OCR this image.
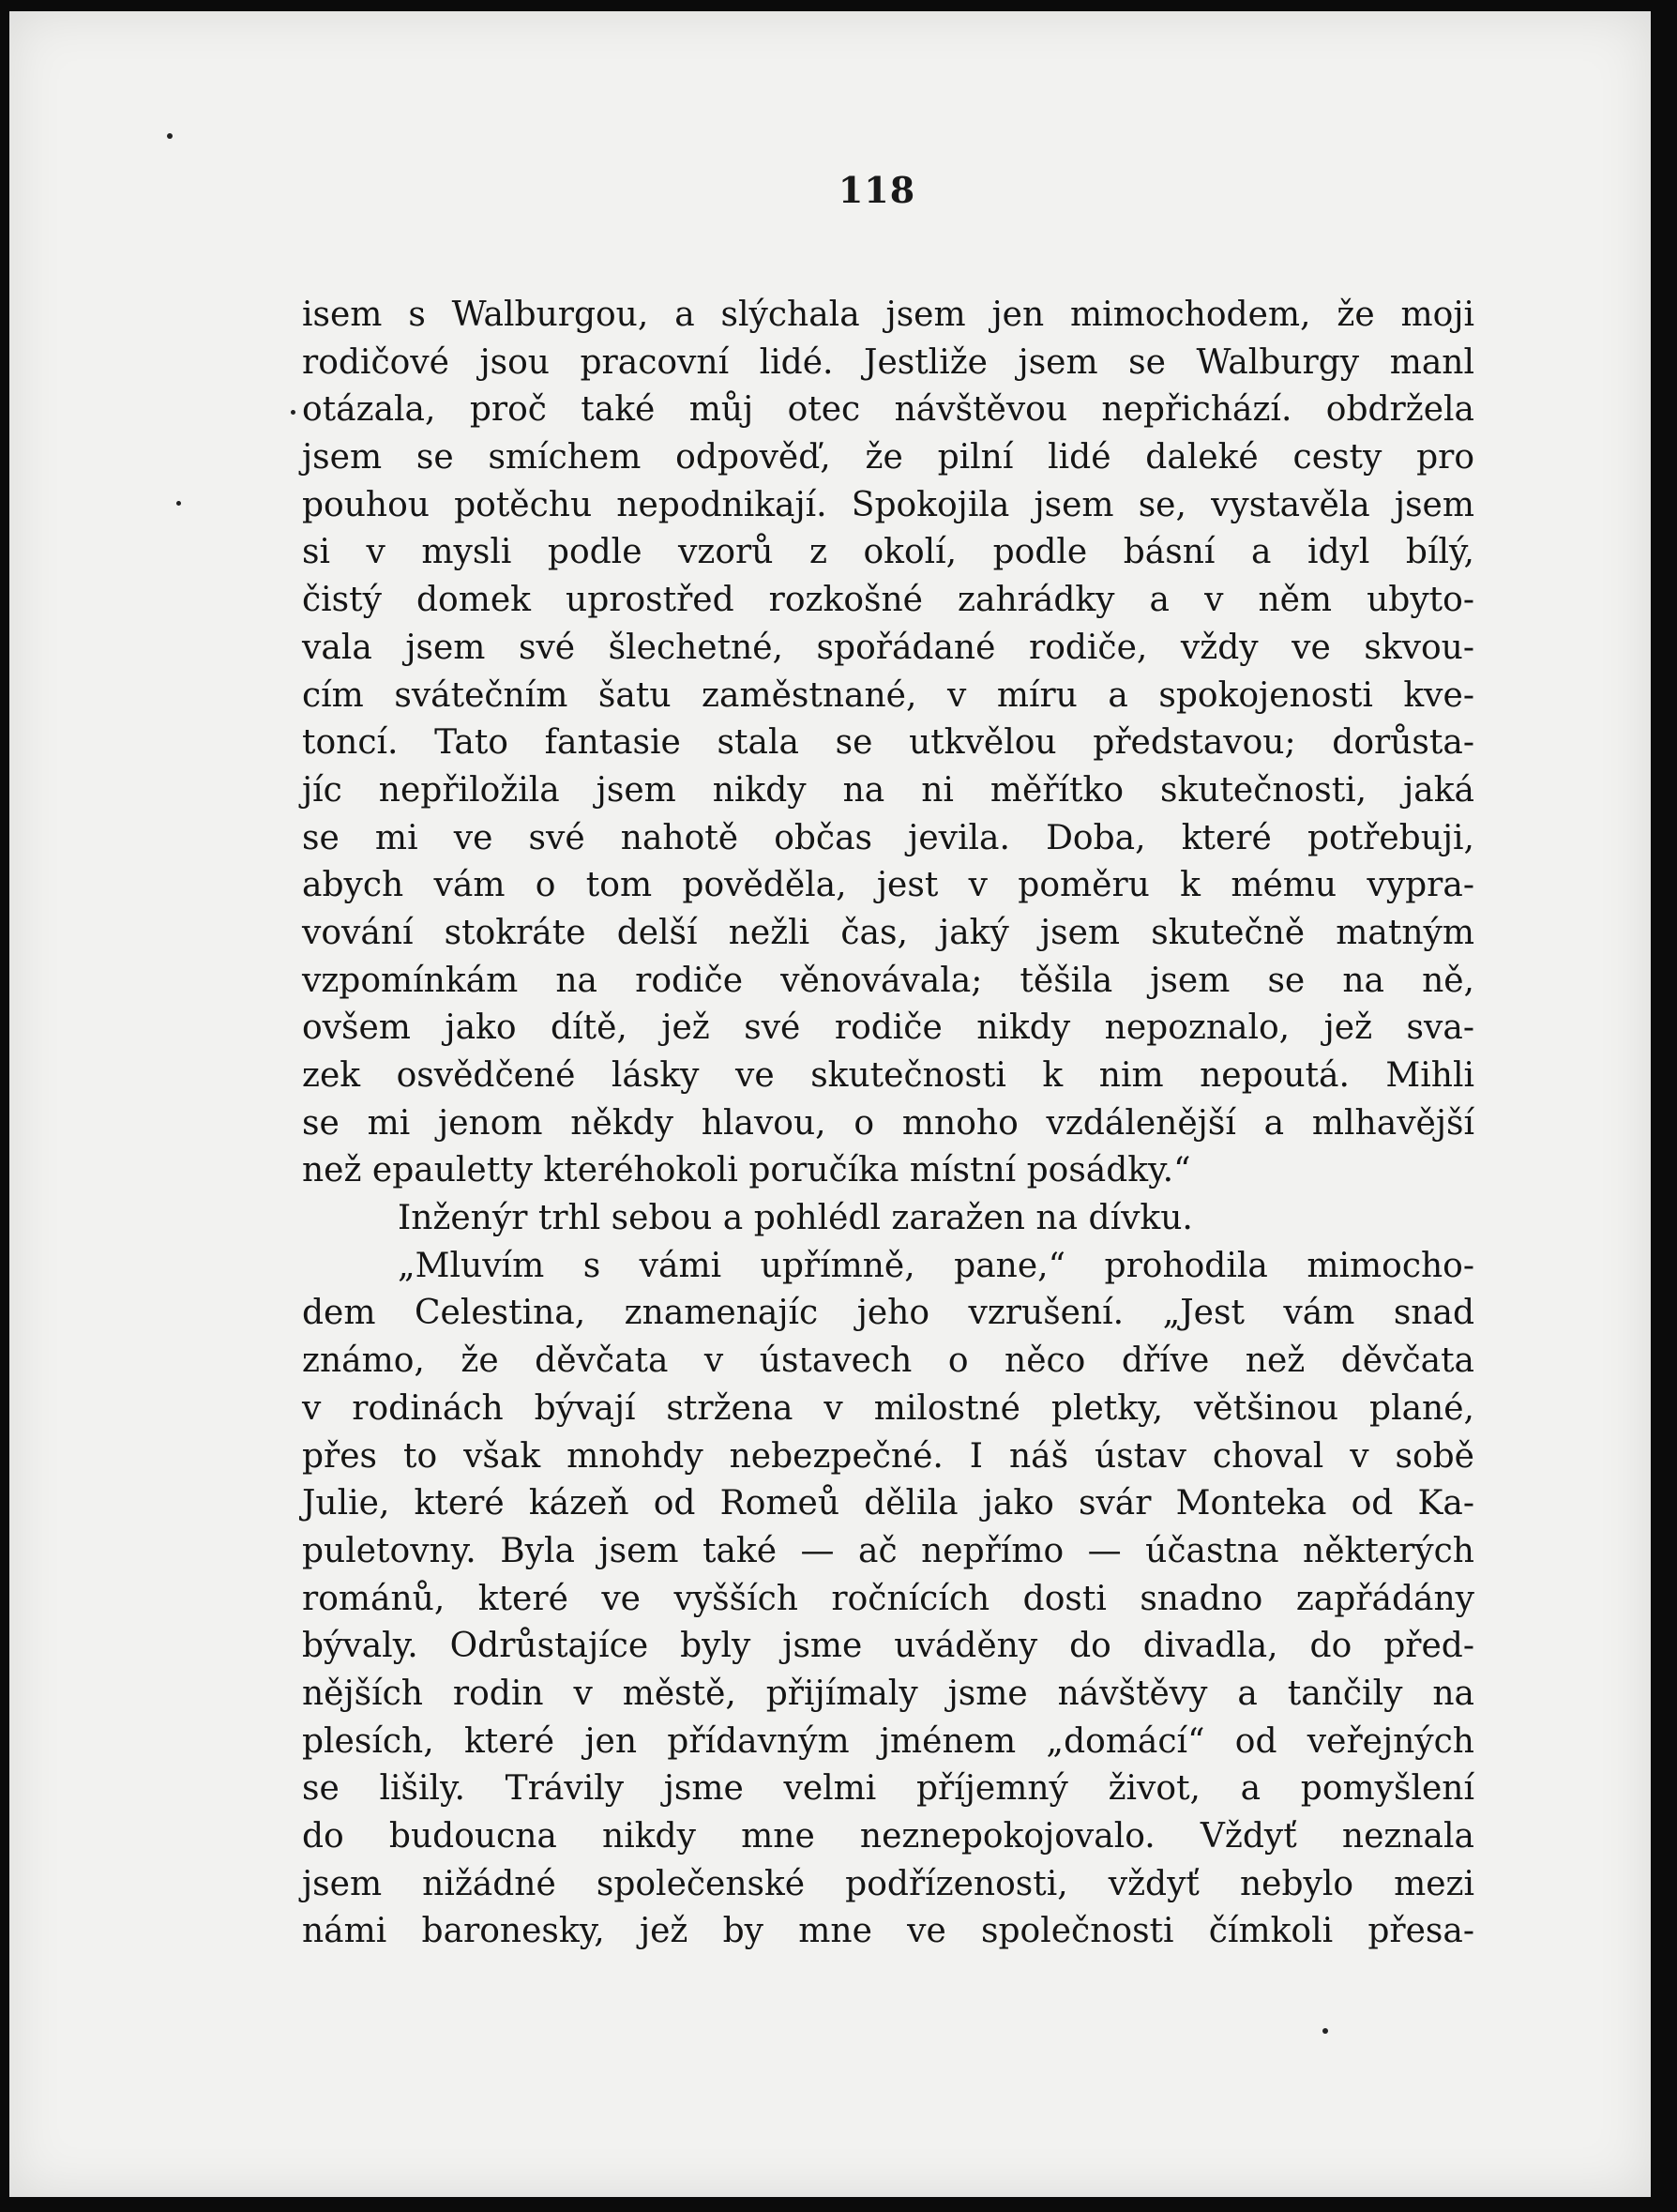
118
isem s Walburgou, a slýchala jsem jen mimochodem, že moji
rodičové jsou pracovní lidé. Jestliže jsem se Walburgy manl
otázala, proč také můj otec návštěvou nepřichází. obdržela
jsem se smíchem odpověď, že pilní lidé daleké cesty pro
pouhou potěchu nepodnikají. Spokojila jsem se, vystavěla jsem
si v mysli podle vzorů z okolí, podle básní a idyl bílý,
čistý domek uprostřed rozkošné zahrádky a v něm ubyto-
vala jsem své šlechetné, spořádané rodiče, vždy ve skvou-
cím svátečním šatu zaměstnané, v míru a spokojenosti kve-
toncí. Tato fantasie stala se utkvělou představou; dorůsta-
jíc nepřiložila jsem nikdy na ni měřítko skutečnosti, jaká
se mi ve své nahotě občas jevila. Doba, které potřebuji,
abych vám o tom pověděla, jest v poměru k mému vypra-
vování stokráte delší nežli čas, jaký jsem skutečně matným
vzpomínkám na rodiče věnovávala; těšila jsem se na ně,
ovšem jako dítě, jež své rodiče nikdy nepoznalo, jež sva-
zek osvědčené lásky ve skutečnosti k nim nepoutá. Mihli
se mi jenom někdy hlavou, o mnoho vzdálenější a mlhavější
než epauletty kteréhokoli poručíka místní posádky.“
Inženýr trhl sebou a pohlédl zaražen na dívku.
„Mluvím s vámi upřímně, pane,“ prohodila mimocho-
dem Celestina, znamenajíc jeho vzrušení. „Jest vám snad
známo, že děvčata v ústavech o něco dříve než děvčata
v rodinách bývají stržena v milostné pletky, většinou plané,
přes to však mnohdy nebezpečné. I náš ústav choval v sobě
Julie, které kázeň od Romeů dělila jako svár Monteka od Ka-
puletovny. Byla jsem také — ač nepřímo — účastna některých
románů, které ve vyšších ročnících dosti snadno zapřádány
bývaly. Odrůstajíce byly jsme uváděny do divadla, do před-
nějších rodin v městě, přijímaly jsme návštěvy a tančily na
plesích, které jen přídavným jménem „domácí“ od veřejných
se lišily. Trávily jsme velmi příjemný život, a pomyšlení
do budoucna nikdy mne neznepokojovalo. Vždyť neznala
jsem nižádné společenské podřízenosti, vždyť nebylo mezi
námi baronesky, jež by mne ve společnosti čímkoli přesa-
